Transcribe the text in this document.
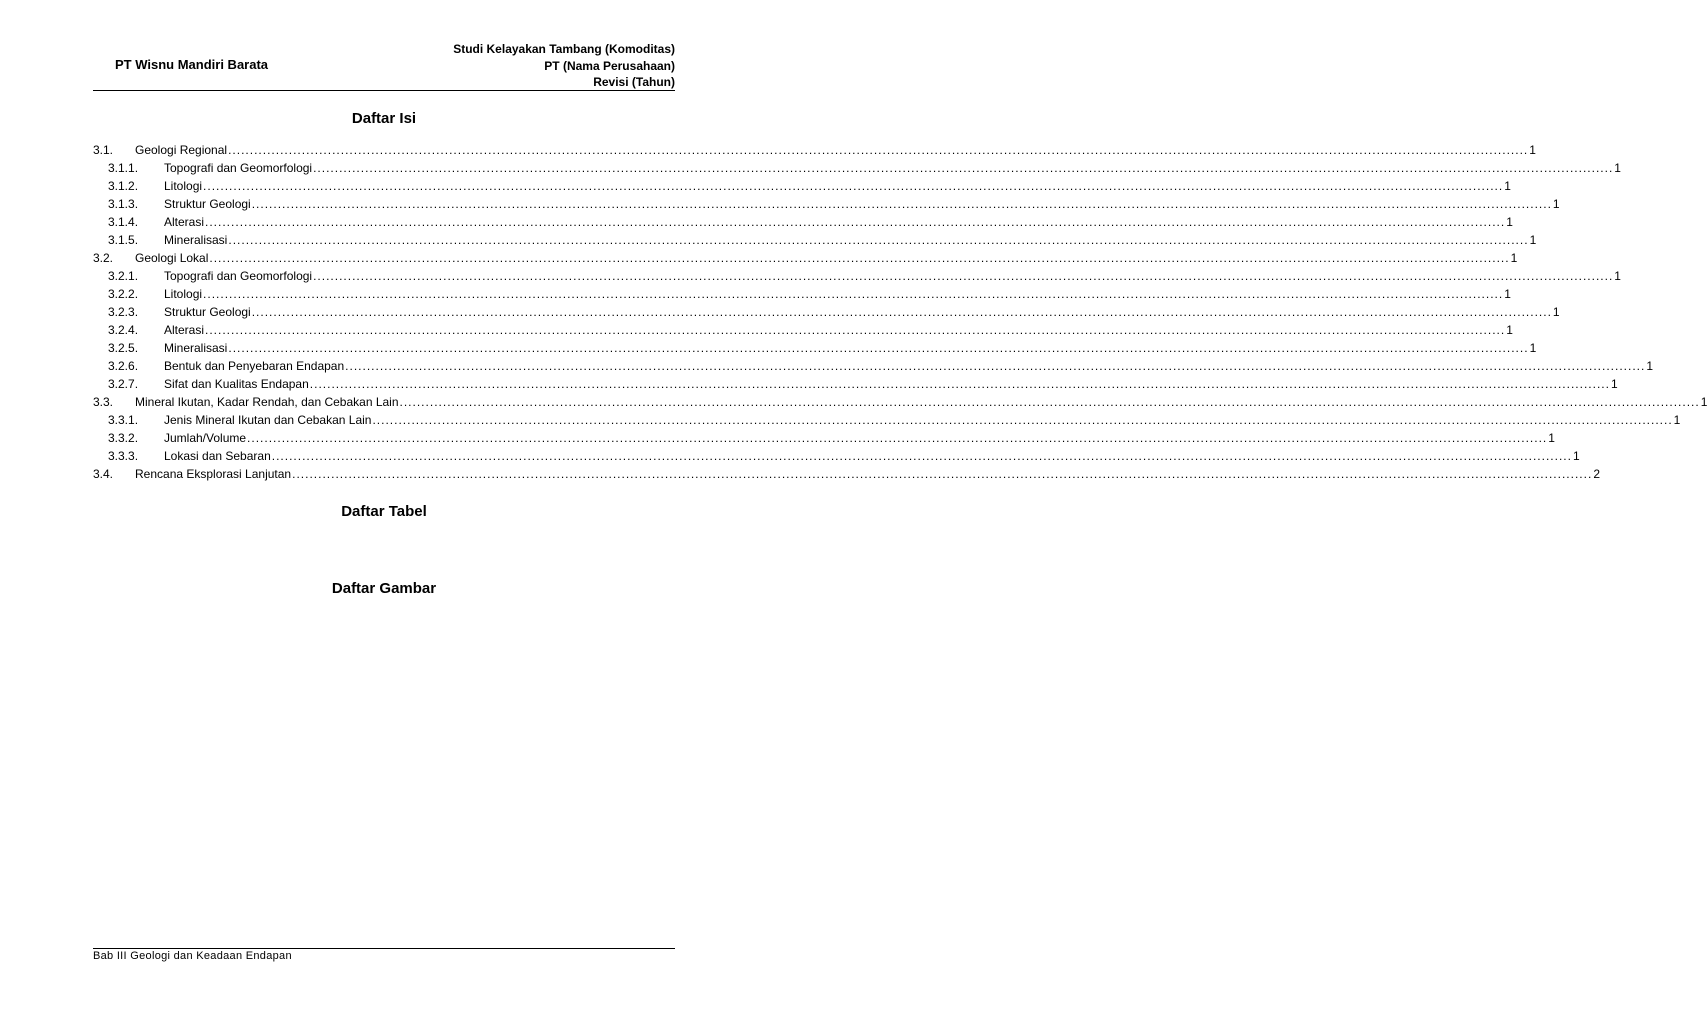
PT Wisnu Mandiri Barata
Studi Kelayakan Tambang (Komoditas)
PT (Nama Perusahaan)
Revisi (Tahun)
Daftar Isi
3.1.	Geologi Regional ............................................................................................................................................................................................................................................................................................................ 1
3.1.1.	Topografi dan Geomorfologi ............................................................................................................................................................................................................................................................................................................ 1
3.1.2.	Litologi ............................................................................................................................................................................................................................................................................................................ 1
3.1.3.	Struktur Geologi ............................................................................................................................................................................................................................................................................................................ 1
3.1.4.	Alterasi ............................................................................................................................................................................................................................................................................................................ 1
3.1.5.	Mineralisasi ............................................................................................................................................................................................................................................................................................................ 1
3.2.	Geologi Lokal ............................................................................................................................................................................................................................................................................................................ 1
3.2.1.	Topografi dan Geomorfologi ............................................................................................................................................................................................................................................................................................................ 1
3.2.2.	Litologi ............................................................................................................................................................................................................................................................................................................ 1
3.2.3.	Struktur Geologi ............................................................................................................................................................................................................................................................................................................ 1
3.2.4.	Alterasi ............................................................................................................................................................................................................................................................................................................ 1
3.2.5.	Mineralisasi ............................................................................................................................................................................................................................................................................................................ 1
3.2.6.	Bentuk dan Penyebaran Endapan ............................................................................................................................................................................................................................................................................................................ 1
3.2.7.	Sifat dan Kualitas Endapan ............................................................................................................................................................................................................................................................................................................ 1
3.3.	Mineral Ikutan, Kadar Rendah, dan Cebakan Lain ............................................................................................................................................................................................................................................................................................................ 1
3.3.1.	Jenis Mineral Ikutan dan Cebakan Lain ............................................................................................................................................................................................................................................................................................................ 1
3.3.2.	Jumlah/Volume ............................................................................................................................................................................................................................................................................................................ 1
3.3.3.	Lokasi dan Sebaran ............................................................................................................................................................................................................................................................................................................ 1
3.4.	Rencana Eksplorasi Lanjutan ............................................................................................................................................................................................................................................................................................................ 2
Daftar Tabel
Daftar Gambar
Bab III Geologi dan Keadaan Endapan
